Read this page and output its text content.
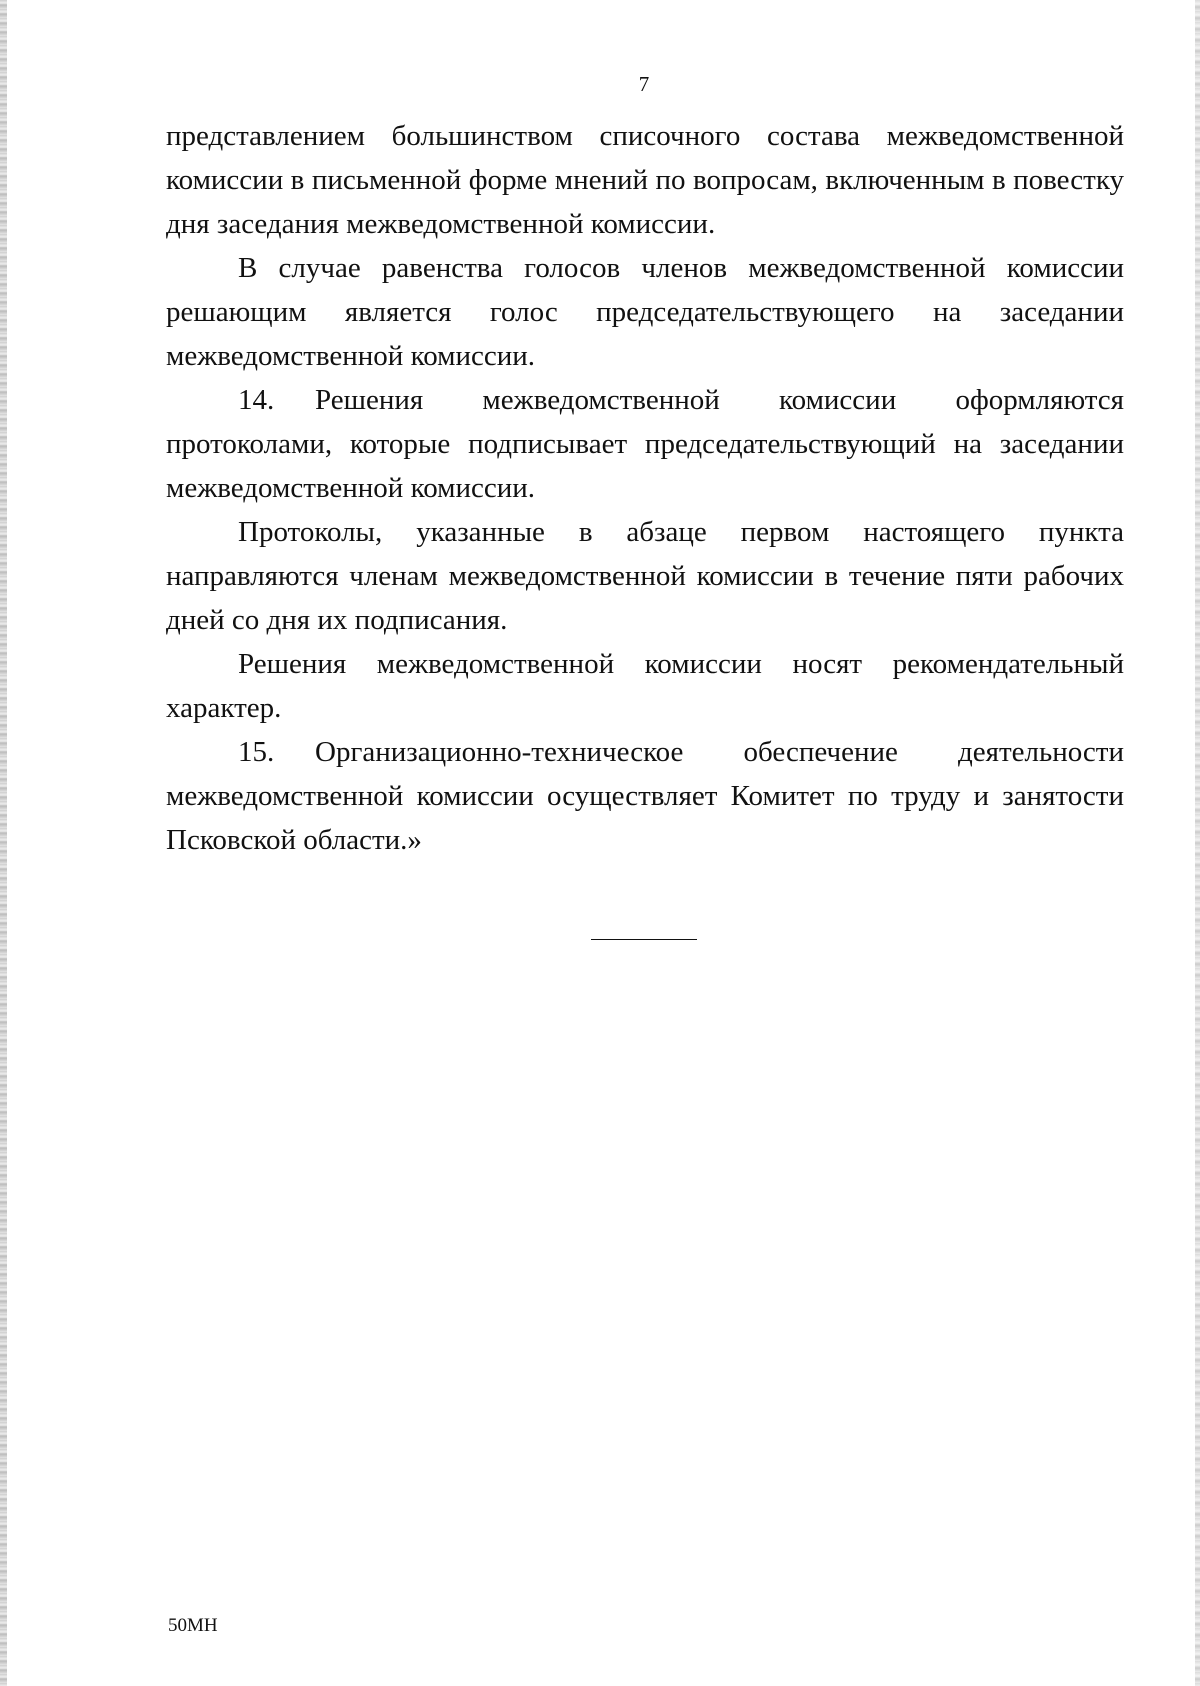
7

представлением большинством списочного состава межведомственной комиссии в письменной форме мнений по вопросам, включенным в повестку дня заседания межведомственной комиссии.

В случае равенства голосов членов межведомственной комиссии решающим является голос председательствующего на заседании межведомственной комиссии.

14. Решения межведомственной комиссии оформляются протоколами, которые подписывает председательствующий на заседании межведомственной комиссии.

Протоколы, указанные в абзаце первом настоящего пункта направляются членам межведомственной комиссии в течение пяти рабочих дней со дня их подписания.

Решения межведомственной комиссии носят рекомендательный характер.

15. Организационно-техническое обеспечение деятельности межведомственной комиссии осуществляет Комитет по труду и занятости Псковской области.»

50МН
